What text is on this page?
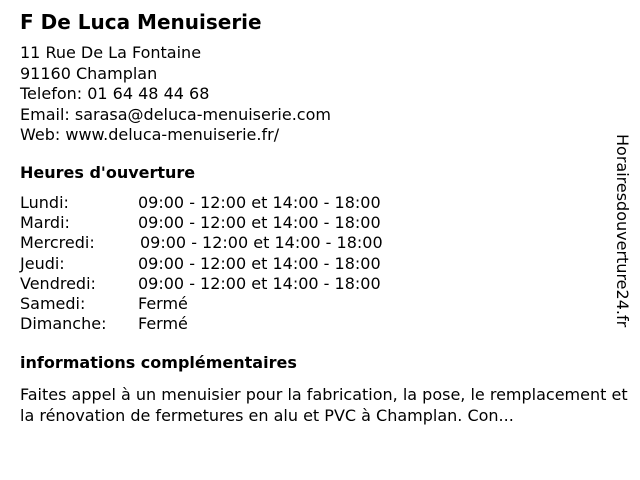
F De Luca Menuiserie
11 Rue De La Fontaine
91160 Champlan
Telefon: 01 64 48 44 68
Email: sarasa@deluca-menuiserie.com
Web: www.deluca-menuiserie.fr/
Heures d'ouverture
Lundi:	09:00 - 12:00 et 14:00 - 18:00
Mardi:	09:00 - 12:00 et 14:00 - 18:00
Mercredi:	09:00 - 12:00 et 14:00 - 18:00
Jeudi:	09:00 - 12:00 et 14:00 - 18:00
Vendredi:	09:00 - 12:00 et 14:00 - 18:00
Samedi:	Fermé
Dimanche:	Fermé
informations complémentaires
Faites appel à un menuisier pour la fabrication, la pose, le remplacement et la rénovation de fermetures en alu et PVC à Champlan. Con...
Horairesdouverture24.fr
